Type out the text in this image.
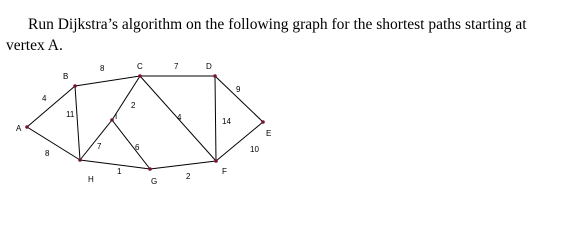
Run Dijkstra’s algorithm on the following graph for the shortest paths starting at vertex A.
A
B
C	D
E
F
G
H
I
4
8
8
11
7
2
4
9
14
10
2
1
6
7
